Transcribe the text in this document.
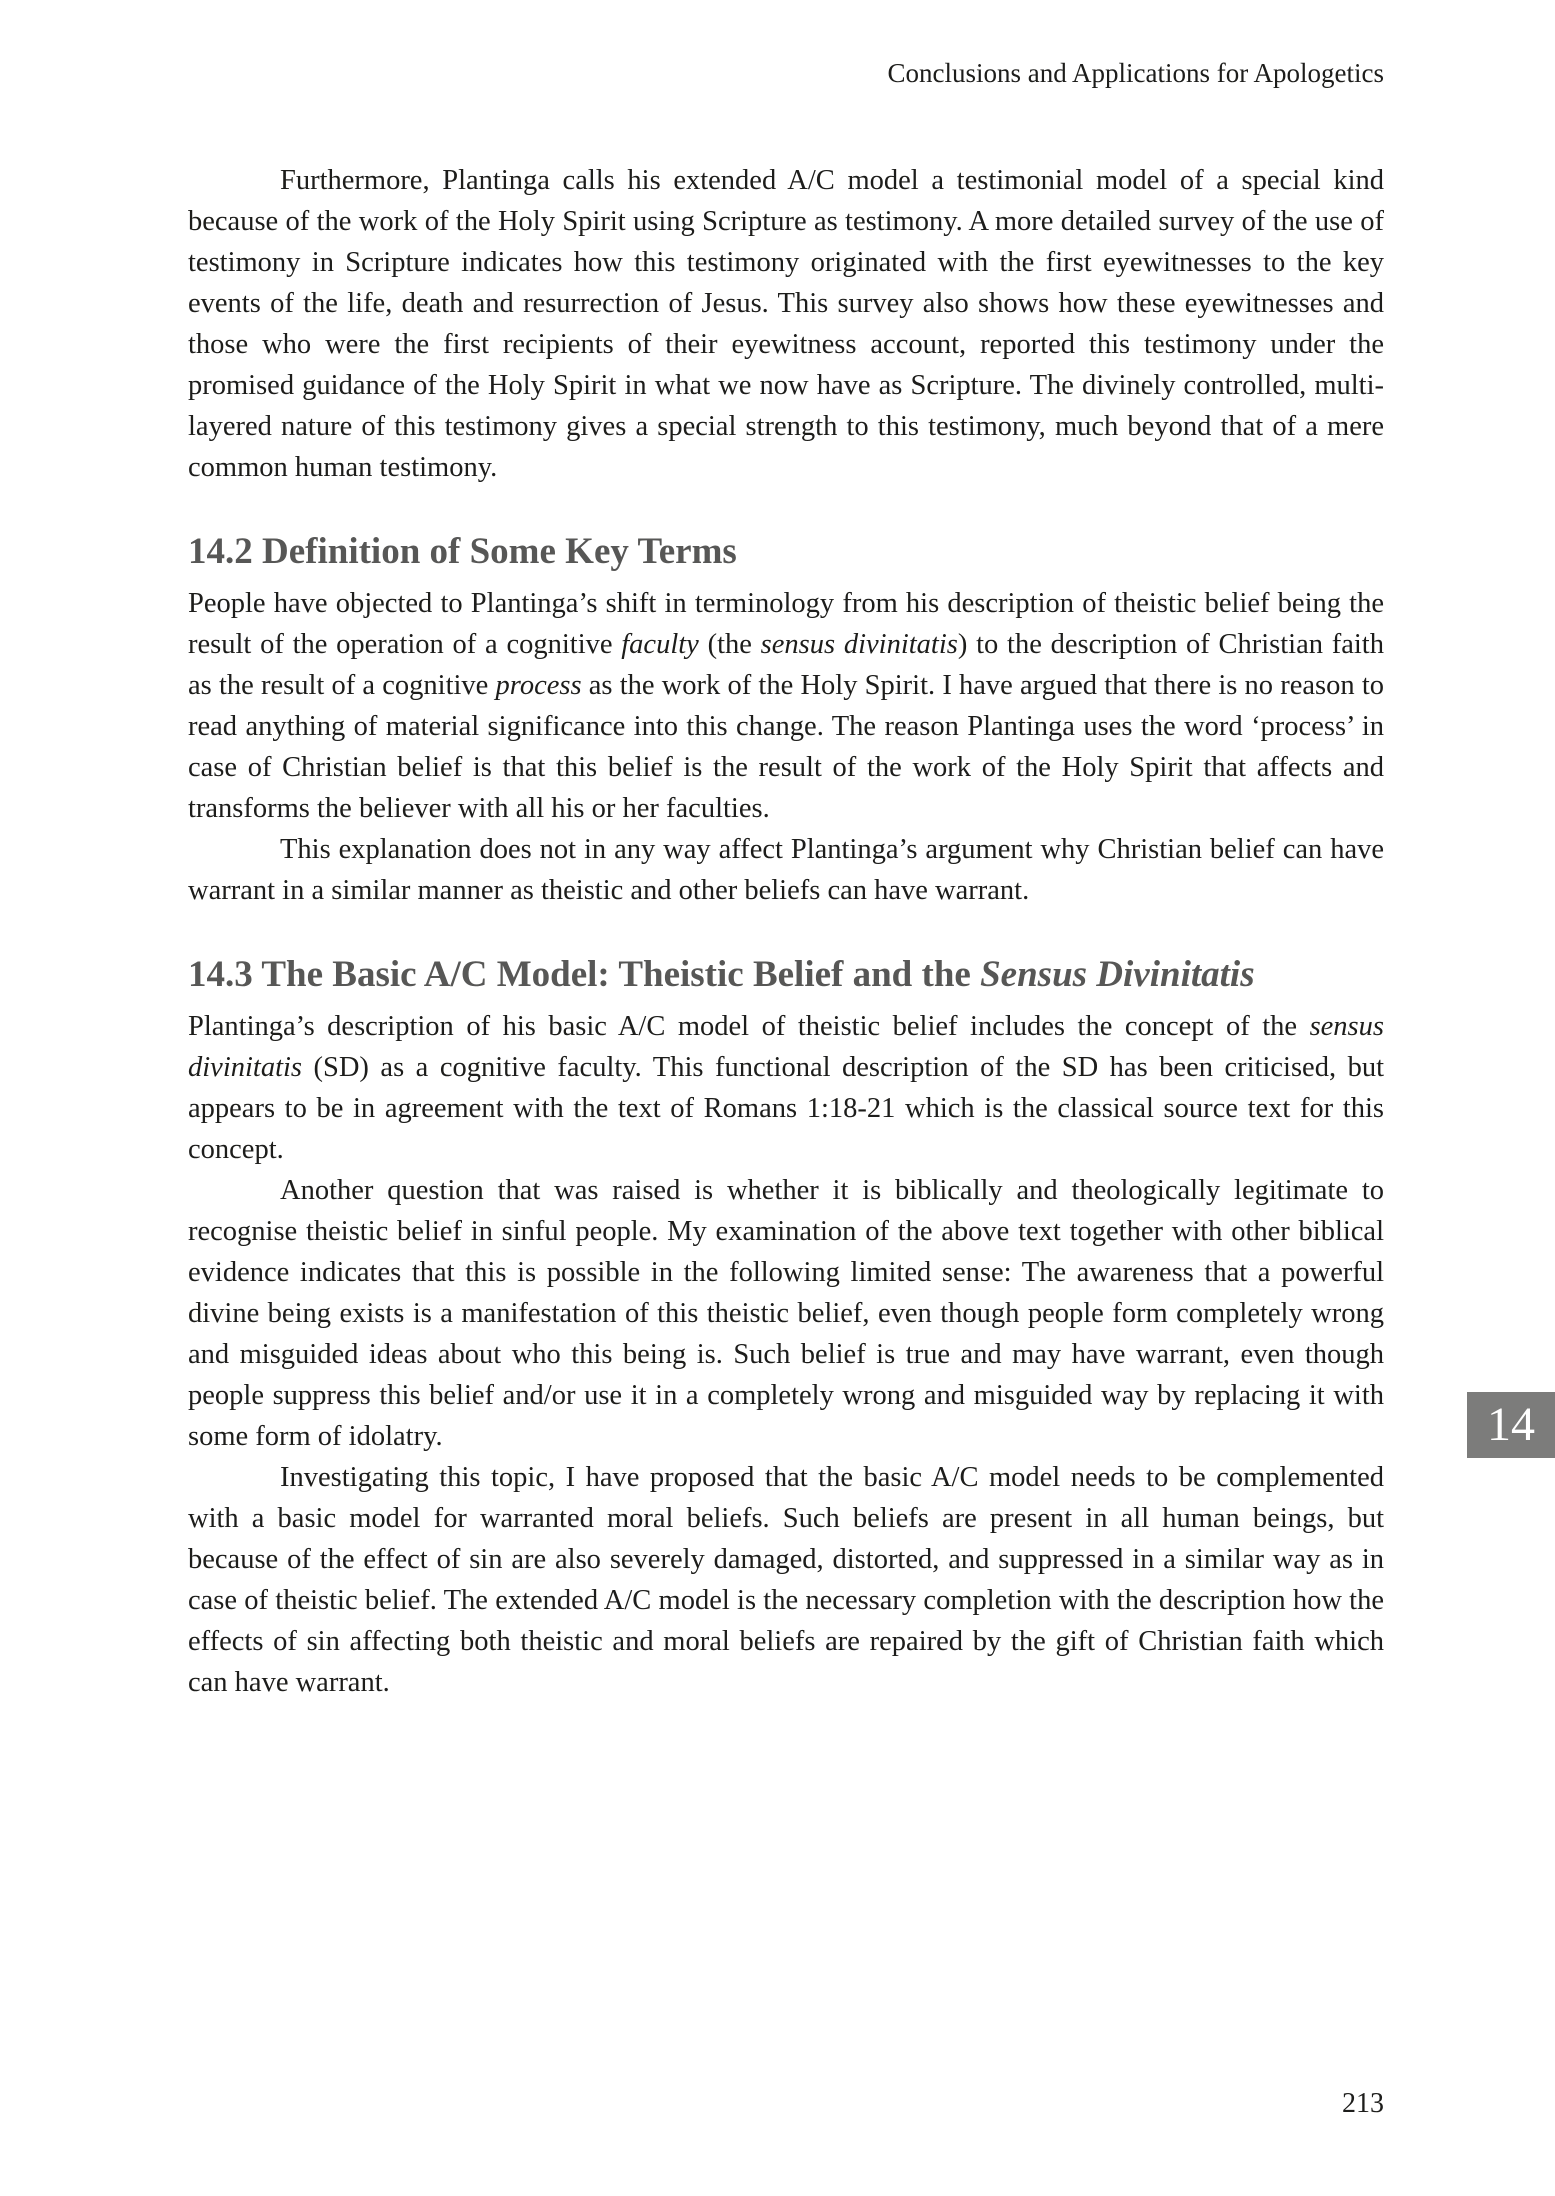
Conclusions and Applications for Apologetics

Furthermore, Plantinga calls his extended A/C model a testimonial model of a special kind because of the work of the Holy Spirit using Scripture as testimony. A more detailed survey of the use of testimony in Scripture indicates how this testimony originated with the first eyewitnesses to the key events of the life, death and resurrection of Jesus. This survey also shows how these eyewitnesses and those who were the first recipients of their eyewitness account, reported this testimony under the promised guidance of the Holy Spirit in what we now have as Scripture. The divinely controlled, multi-layered nature of this testimony gives a special strength to this testimony, much beyond that of a mere common human testimony.

14.2 Definition of Some Key Terms

People have objected to Plantinga’s shift in terminology from his description of theistic belief being the result of the operation of a cognitive faculty (the sensus divinitatis) to the description of Christian faith as the result of a cognitive process as the work of the Holy Spirit. I have argued that there is no reason to read anything of material significance into this change. The reason Plantinga uses the word ‘process’ in case of Christian belief is that this belief is the result of the work of the Holy Spirit that affects and transforms the believer with all his or her faculties.

This explanation does not in any way affect Plantinga’s argument why Christian belief can have warrant in a similar manner as theistic and other beliefs can have warrant.

14.3 The Basic A/C Model: Theistic Belief and the Sensus Divinitatis

Plantinga’s description of his basic A/C model of theistic belief includes the concept of the sensus divinitatis (SD) as a cognitive faculty. This functional description of the SD has been criticised, but appears to be in agreement with the text of Romans 1:18-21 which is the classical source text for this concept.

Another question that was raised is whether it is biblically and theologically legitimate to recognise theistic belief in sinful people. My examination of the above text together with other biblical evidence indicates that this is possible in the following limited sense: The awareness that a powerful divine being exists is a manifestation of this theistic belief, even though people form completely wrong and misguided ideas about who this being is. Such belief is true and may have warrant, even though people suppress this belief and/or use it in a completely wrong and misguided way by replacing it with some form of idolatry.

Investigating this topic, I have proposed that the basic A/C model needs to be complemented with a basic model for warranted moral beliefs. Such beliefs are present in all human beings, but because of the effect of sin are also severely damaged, distorted, and suppressed in a similar way as in case of theistic belief. The extended A/C model is the necessary completion with the description how the effects of sin affecting both theistic and moral beliefs are repaired by the gift of Christian faith which can have warrant.

14
213
